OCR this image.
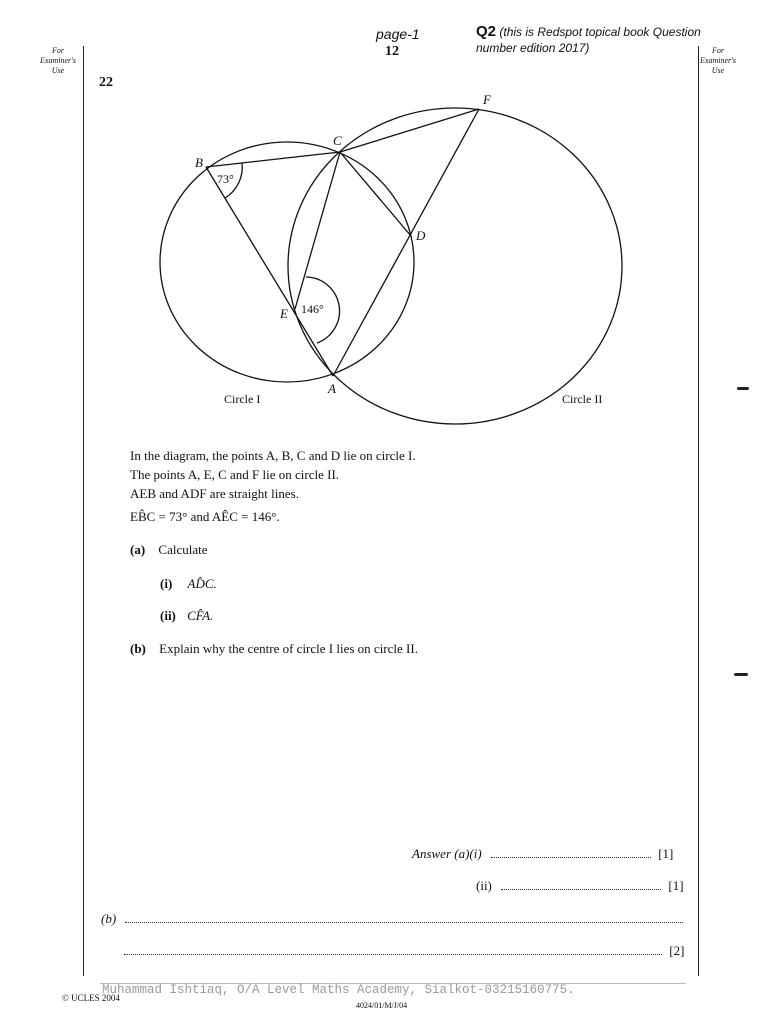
For
Examiner's
Use
For
Examiner's
Use
page-1
12
Q2 (this is Redspot topical book Question
number edition 2017)
22
B
C
F
D
E
A
73°
146°
Circle I	Circle II
In the diagram, the points A, B, C and D lie on circle I.
The points A, E, C and F lie on circle II.
AEB and ADF are straight lines.
EB̂C = 73° and AÊC = 146°.
(a) Calculate
(i) AD̂C.
(ii) CF̂A.
(b) Explain why the centre of circle I lies on circle II.
Answer (a)(i)	[1]
(ii)	[1]
(b)
[2]
Muhammad Ishtiaq, O/A Level Maths Academy, Sialkot-03215160775.
© UCLES 2004
4024/01/M/J/04
